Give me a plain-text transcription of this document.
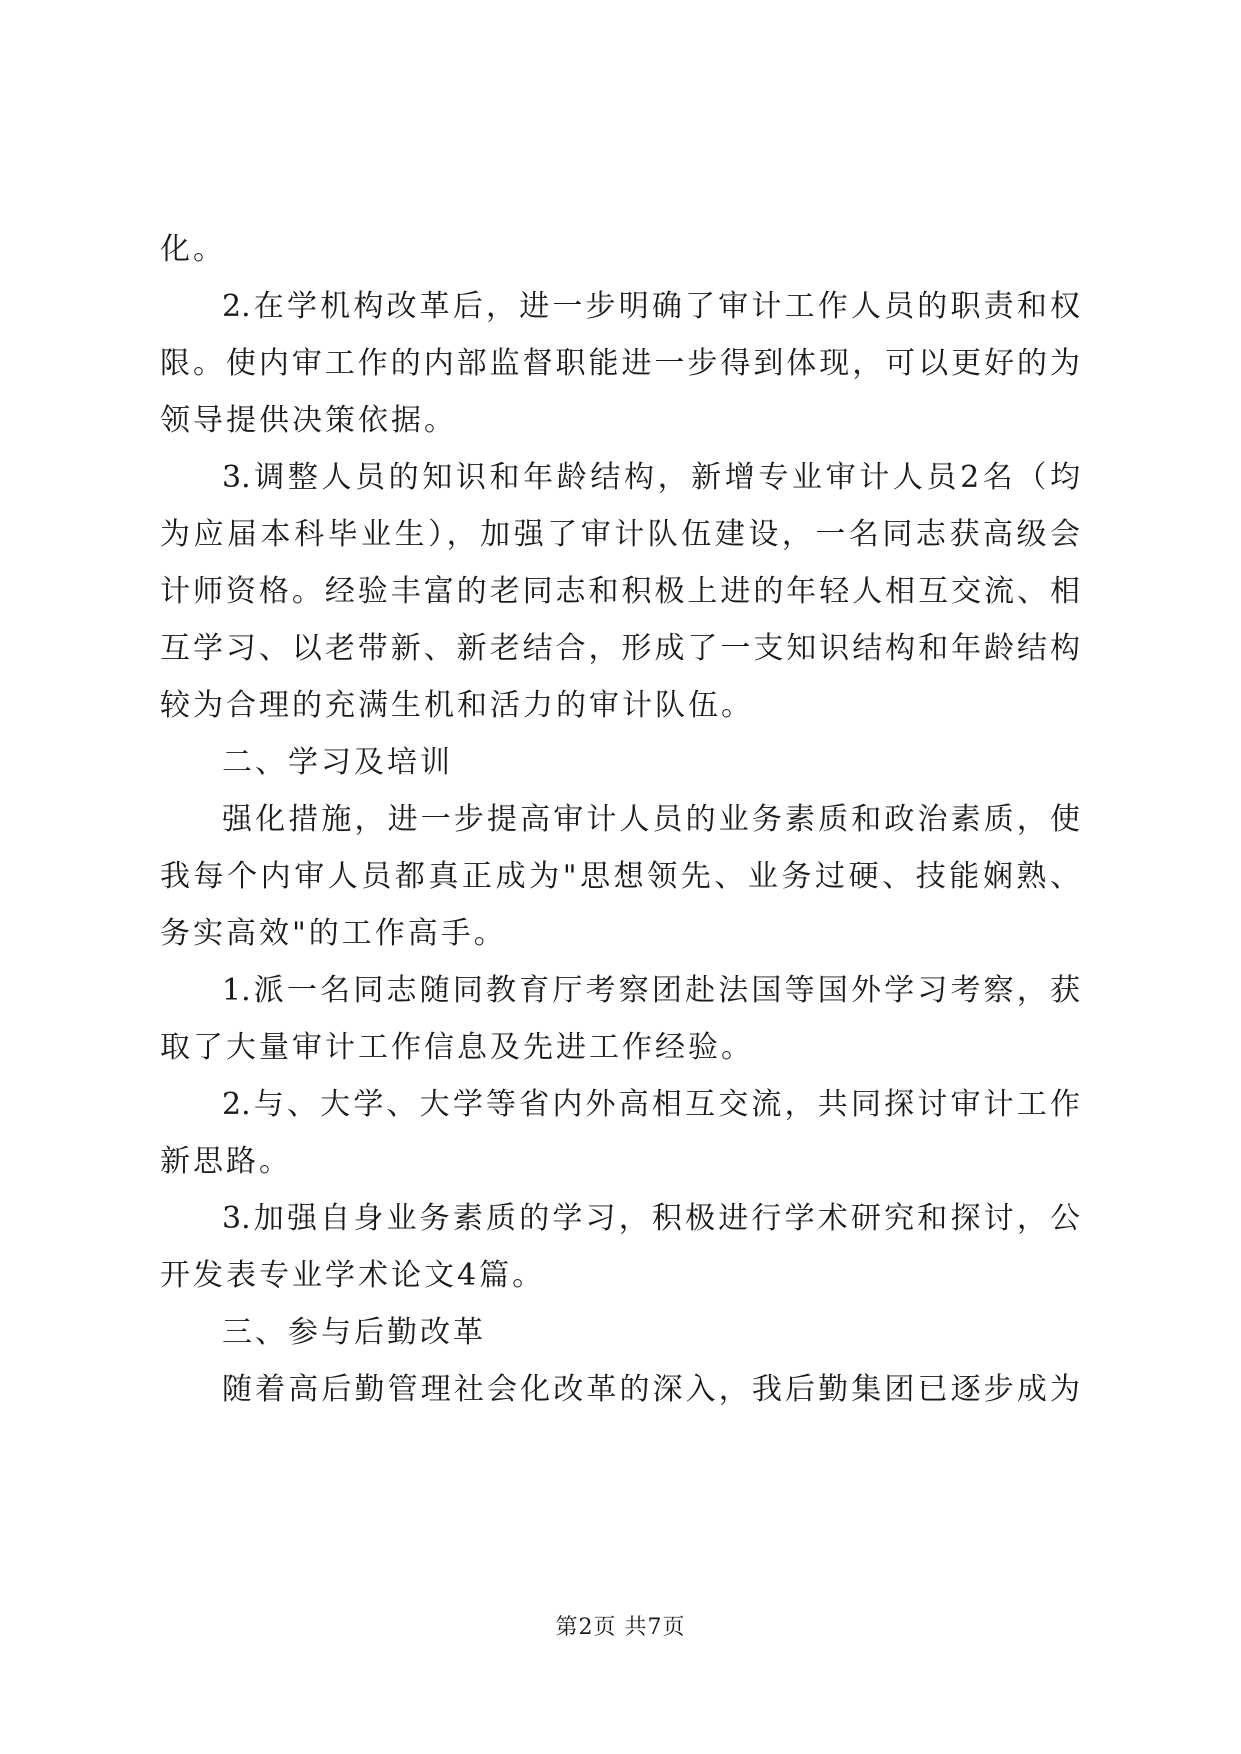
化。
2.在学机构改革后，进一步明确了审计工作人员的职责和权
限。使内审工作的内部监督职能进一步得到体现，可以更好的为
领导提供决策依据。
3.调整人员的知识和年龄结构，新增专业审计人员2名（均
为应届本科毕业生），加强了审计队伍建设，一名同志获高级会
计师资格。经验丰富的老同志和积极上进的年轻人相互交流、相
互学习、以老带新、新老结合，形成了一支知识结构和年龄结构
较为合理的充满生机和活力的审计队伍。
二、学习及培训
强化措施，进一步提高审计人员的业务素质和政治素质，使
我每个内审人员都真正成为"思想领先、业务过硬、技能娴熟、
务实高效"的工作高手。
1.派一名同志随同教育厅考察团赴法国等国外学习考察，获
取了大量审计工作信息及先进工作经验。
2.与、大学、大学等省内外高相互交流，共同探讨审计工作
新思路。
3.加强自身业务素质的学习，积极进行学术研究和探讨，公
开发表专业学术论文4篇。
三、参与后勤改革
随着高后勤管理社会化改革的深入，我后勤集团已逐步成为
第2页 共7页
